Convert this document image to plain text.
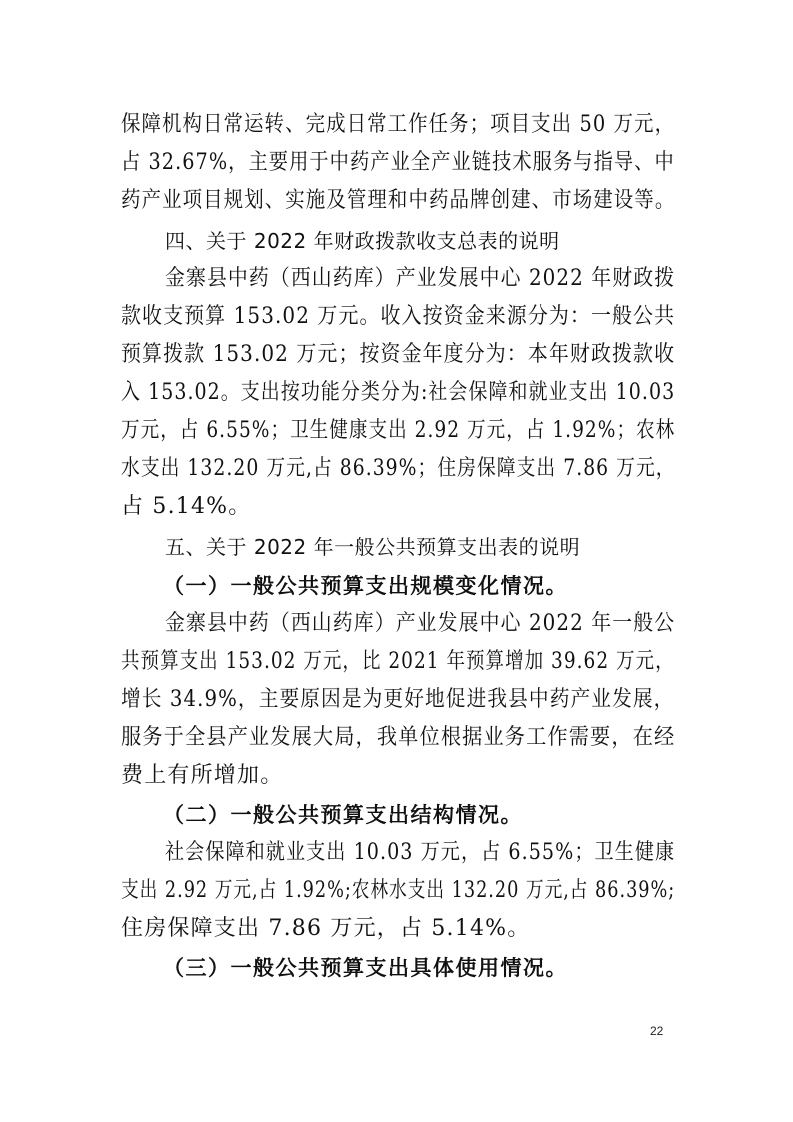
保障机构日常运转、完成日常工作任务；项目支出 50 万元，
占 32.67%，主要用于中药产业全产业链技术服务与指导、中
药产业项目规划、实施及管理和中药品牌创建、市场建设等。
四、关于 2022 年财政拨款收支总表的说明
金寨县中药（西山药库）产业发展中心 2022 年财政拨
款收支预算 153.02 万元。收入按资金来源分为：一般公共
预算拨款 153.02 万元；按资金年度分为：本年财政拨款收
入 153.02。支出按功能分类分为:社会保障和就业支出 10.03
万元，占 6.55%；卫生健康支出 2.92 万元，占 1.92%；农林
水支出 132.20 万元,占 86.39%；住房保障支出 7.86 万元，
占 5.14%。
五、关于 2022 年一般公共预算支出表的说明
（一）一般公共预算支出规模变化情况。
金寨县中药（西山药库）产业发展中心 2022 年一般公
共预算支出 153.02 万元，比 2021 年预算增加 39.62 万元，
增长 34.9%，主要原因是为更好地促进我县中药产业发展，
服务于全县产业发展大局，我单位根据业务工作需要，在经
费上有所增加。
（二）一般公共预算支出结构情况。
社会保障和就业支出 10.03 万元，占 6.55%；卫生健康
支出 2.92 万元,占 1.92%;农林水支出 132.20 万元,占 86.39%;
住房保障支出 7.86 万元，占 5.14%。
（三）一般公共预算支出具体使用情况。
22
